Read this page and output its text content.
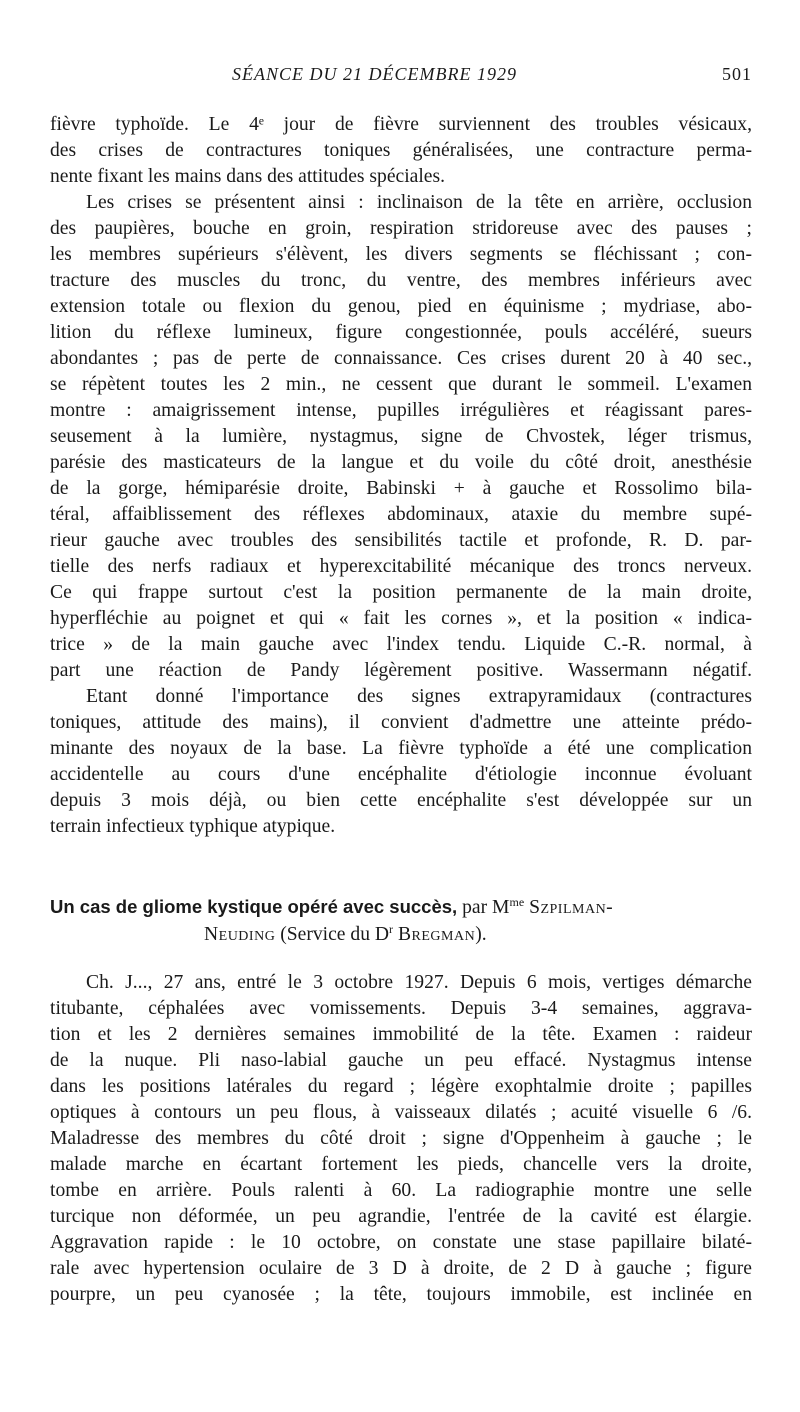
SÉANCE DU 21 DÉCEMBRE 1929	501
fièvre typhoïde. Le 4ᵉ jour de fièvre surviennent des troubles vésicaux,
des crises de contractures toniques généralisées, une contracture perma-
nente fixant les mains dans des attitudes spéciales.
Les crises se présentent ainsi : inclinaison de la tête en arrière, occlusion
des paupières, bouche en groin, respiration stridoreuse avec des pauses ;
les membres supérieurs s'élèvent, les divers segments se fléchissant ; con-
tracture des muscles du tronc, du ventre, des membres inférieurs avec
extension totale ou flexion du genou, pied en équinisme ; mydriase, abo-
lition du réflexe lumineux, figure congestionnée, pouls accéléré, sueurs
abondantes ; pas de perte de connaissance. Ces crises durent 20 à 40 sec.,
se répètent toutes les 2 min., ne cessent que durant le sommeil. L'examen
montre : amaigrissement intense, pupilles irrégulières et réagissant pares-
seusement à la lumière, nystagmus, signe de Chvostek, léger trismus,
parésie des masticateurs de la langue et du voile du côté droit, anesthésie
de la gorge, hémiparésie droite, Babinski + à gauche et Rossolimo bila-
téral, affaiblissement des réflexes abdominaux, ataxie du membre supé-
rieur gauche avec troubles des sensibilités tactile et profonde, R. D. par-
tielle des nerfs radiaux et hyperexcitabilité mécanique des troncs nerveux.
Ce qui frappe surtout c'est la position permanente de la main droite,
hyperfléchie au poignet et qui « fait les cornes », et la position « indica-
trice » de la main gauche avec l'index tendu. Liquide C.-R. normal, à
part une réaction de Pandy légèrement positive. Wassermann négatif.
Etant donné l'importance des signes extrapyramidaux (contractures
toniques, attitude des mains), il convient d'admettre une atteinte prédo-
minante des noyaux de la base. La fièvre typhoïde a été une complication
accidentelle au cours d'une encéphalite d'étiologie inconnue évoluant
depuis 3 mois déjà, ou bien cette encéphalite s'est développée sur un
terrain infectieux typhique atypique.
Un cas de gliome kystique opéré avec succès, par $M^{me}$ Szpilman-
Neuding (Service du $D^r$ Bregman).
Ch. J..., 27 ans, entré le 3 octobre 1927. Depuis 6 mois, vertiges démarche
titubante, céphalées avec vomissements. Depuis 3-4 semaines, aggrava-
tion et les 2 dernières semaines immobilité de la tête. Examen : raideur
de la nuque. Pli naso-labial gauche un peu effacé. Nystagmus intense
dans les positions latérales du regard ; légère exophtalmie droite ; papilles
optiques à contours un peu flous, à vaisseaux dilatés ; acuité visuelle 6 /6.
Maladresse des membres du côté droit ; signe d'Oppenheim à gauche ; le
malade marche en écartant fortement les pieds, chancelle vers la droite,
tombe en arrière. Pouls ralenti à 60. La radiographie montre une selle
turcique non déformée, un peu agrandie, l'entrée de la cavité est élargie.
Aggravation rapide : le 10 octobre, on constate une stase papillaire bilaté-
rale avec hypertension oculaire de 3 D à droite, de 2 D à gauche ; figure
pourpre, un peu cyanosée ; la tête, toujours immobile, est inclinée en
